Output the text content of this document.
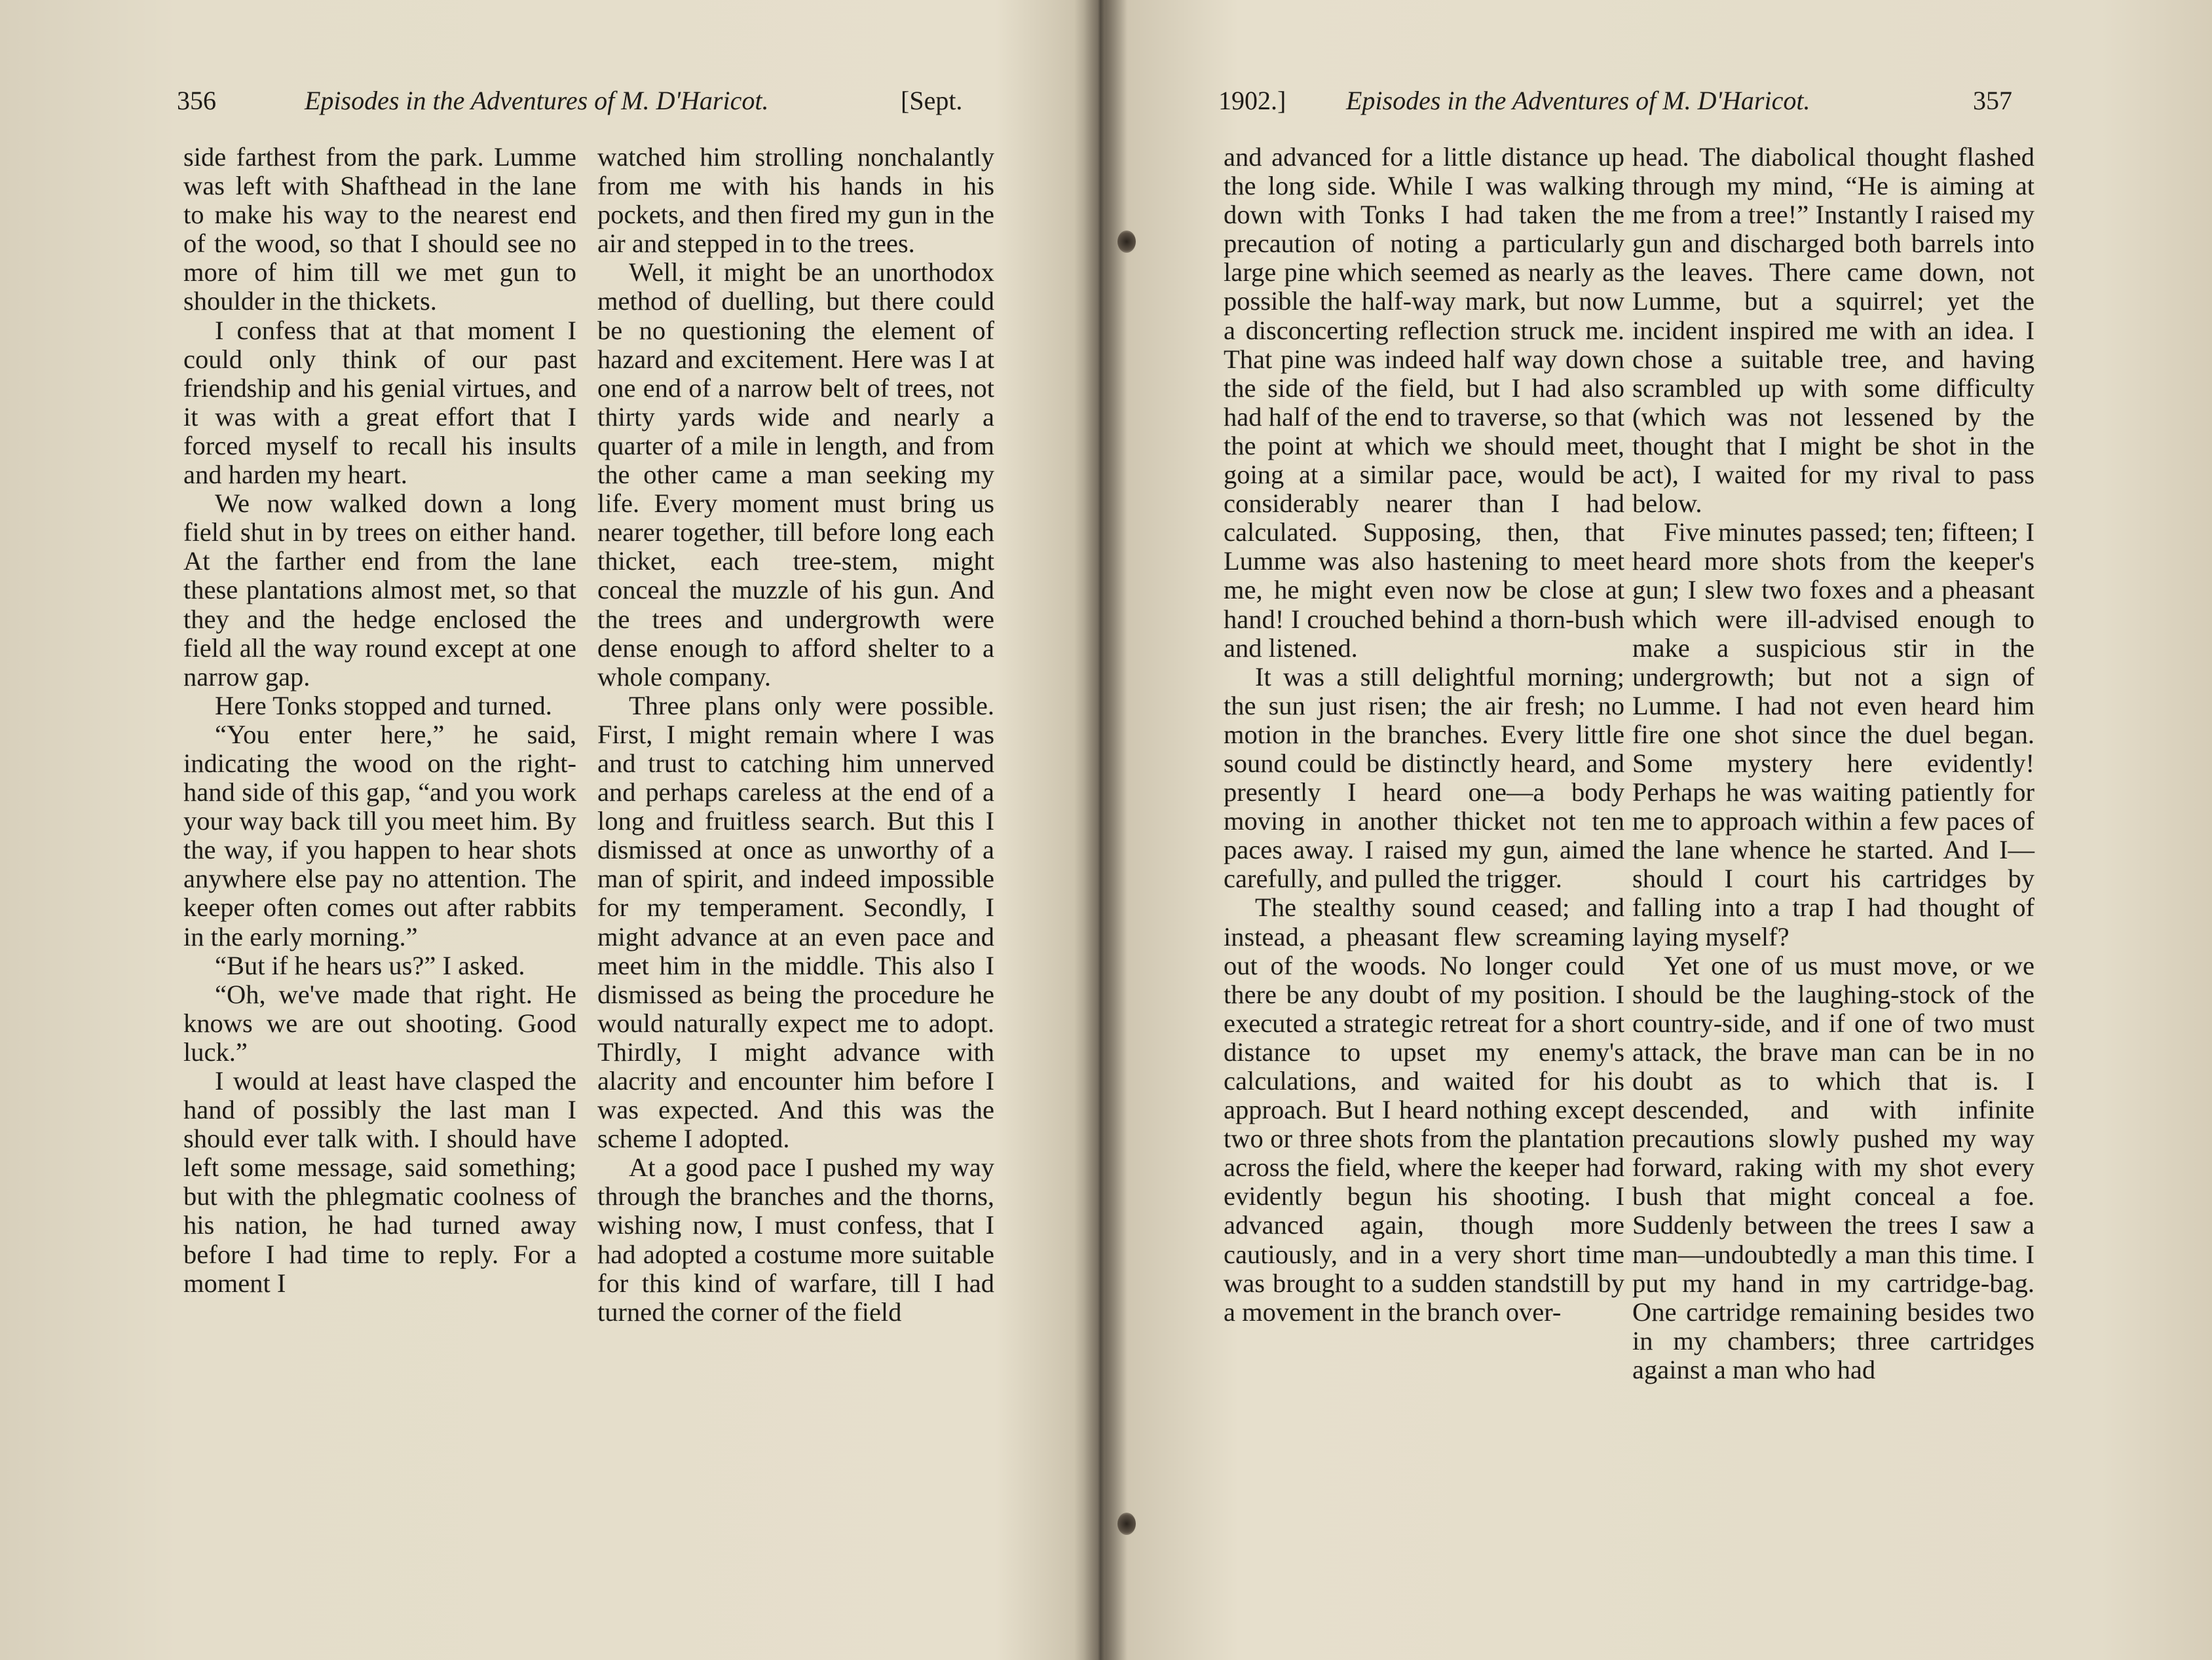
356	Episodes in the Adventures of M. D'Haricot.	[Sept.

side farthest from the park. Lumme was left with Shafthead in the lane to make his way to the nearest end of the wood, so that I should see no more of him till we met gun to shoulder in the thickets.

I confess that at that moment I could only think of our past friendship and his genial virtues, and it was with a great effort that I forced myself to recall his insults and harden my heart.

We now walked down a long field shut in by trees on either hand. At the farther end from the lane these plantations almost met, so that they and the hedge enclosed the field all the way round except at one narrow gap.

Here Tonks stopped and turned.

“You enter here,” he said, indicating the wood on the right-hand side of this gap, “and you work your way back till you meet him. By the way, if you happen to hear shots anywhere else pay no attention. The keeper often comes out after rabbits in the early morning.”

“But if he hears us?” I asked.

“Oh, we've made that right. He knows we are out shooting. Good luck.”

I would at least have clasped the hand of possibly the last man I should ever talk with. I should have left some message, said something; but with the phlegmatic coolness of his nation, he had turned away before I had time to reply. For a moment I

watched him strolling nonchalantly from me with his hands in his pockets, and then fired my gun in the air and stepped in to the trees.

Well, it might be an unorthodox method of duelling, but there could be no questioning the element of hazard and excitement. Here was I at one end of a narrow belt of trees, not thirty yards wide and nearly a quarter of a mile in length, and from the other came a man seeking my life. Every moment must bring us nearer together, till before long each thicket, each tree-stem, might conceal the muzzle of his gun. And the trees and undergrowth were dense enough to afford shelter to a whole company.

Three plans only were possible. First, I might remain where I was and trust to catching him unnerved and perhaps careless at the end of a long and fruitless search. But this I dismissed at once as unworthy of a man of spirit, and indeed impossible for my temperament. Secondly, I might advance at an even pace and meet him in the middle. This also I dismissed as being the procedure he would naturally expect me to adopt. Thirdly, I might advance with alacrity and encounter him before I was expected. And this was the scheme I adopted.

At a good pace I pushed my way through the branches and the thorns, wishing now, I must confess, that I had adopted a costume more suitable for this kind of warfare, till I had turned the corner of the field

1902.] Episodes in the Adventures of M. D'Haricot.	357

and advanced for a little distance up the long side. While I was walking down with Tonks I had taken the precaution of noting a particularly large pine which seemed as nearly as possible the half-way mark, but now a disconcerting reflection struck me. That pine was indeed half way down the side of the field, but I had also had half of the end to traverse, so that the point at which we should meet, going at a similar pace, would be considerably nearer than I had calculated. Supposing, then, that Lumme was also hastening to meet me, he might even now be close at hand! I crouched behind a thorn-bush and listened.

It was a still delightful morning; the sun just risen; the air fresh; no motion in the branches. Every little sound could be distinctly heard, and presently I heard one—a body moving in another thicket not ten paces away. I raised my gun, aimed carefully, and pulled the trigger.

The stealthy sound ceased; and instead, a pheasant flew screaming out of the woods. No longer could there be any doubt of my position. I executed a strategic retreat for a short distance to upset my enemy's calculations, and waited for his approach. But I heard nothing except two or three shots from the plantation across the field, where the keeper had evidently begun his shooting. I advanced again, though more cautiously, and in a very short time was brought to a sudden standstill by a movement in the branch over-

head. The diabolical thought flashed through my mind, “He is aiming at me from a tree!” Instantly I raised my gun and discharged both barrels into the leaves. There came down, not Lumme, but a squirrel; yet the incident inspired me with an idea. I chose a suitable tree, and having scrambled up with some difficulty (which was not lessened by the thought that I might be shot in the act), I waited for my rival to pass below.

Five minutes passed; ten; fifteen; I heard more shots from the keeper's gun; I slew two foxes and a pheasant which were ill-advised enough to make a suspicious stir in the undergrowth; but not a sign of Lumme. I had not even heard him fire one shot since the duel began. Some mystery here evidently! Perhaps he was waiting patiently for me to approach within a few paces of the lane whence he started. And I—should I court his cartridges by falling into a trap I had thought of laying myself?

Yet one of us must move, or we should be the laughing-stock of the country-side, and if one of two must attack, the brave man can be in no doubt as to which that is. I descended, and with infinite precautions slowly pushed my way forward, raking with my shot every bush that might conceal a foe. Suddenly between the trees I saw a man—undoubtedly a man this time. I put my hand in my cartridge-bag. One cartridge remaining besides two in my chambers; three cartridges against a man who had
